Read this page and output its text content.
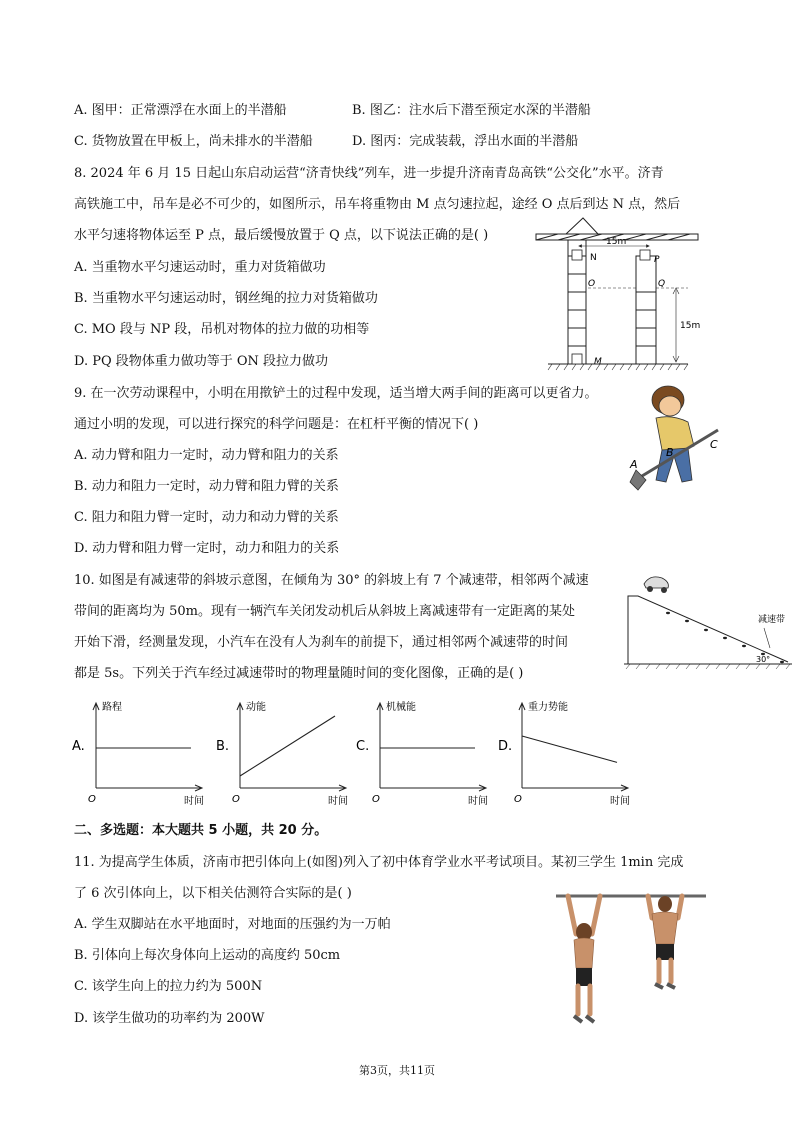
A. 图甲：正常漂浮在水面上的半潜船	B. 图乙：注水后下潜至预定水深的半潜船
C. 货物放置在甲板上，尚未排水的半潜船	D. 图丙：完成装载，浮出水面的半潜船
8. 2024 年 6 月 15 日起山东启动运营“济青快线”列车，进一步提升济南青岛高铁“公交化”水平。济青
高铁施工中，吊车是必不可少的，如图所示，吊车将重物由 M 点匀速拉起，途经 O 点后到达 N 点，然后
水平匀速将物体运至 P 点，最后缓慢放置于 Q 点，以下说法正确的是( )
A. 当重物水平匀速运动时，重力对货箱做功
B. 当重物水平匀速运动时，钢丝绳的拉力对货箱做功
C. MO 段与 NP 段，吊机对物体的拉力做的功相等
D. PQ 段物体重力做功等于 ON 段拉力做功
N	P
O	Q
M
15m
15m
9. 在一次劳动课程中，小明在用揿铲土的过程中发现，适当增大两手间的距离可以更省力。
通过小明的发现，可以进行探究的科学问题是：在杠杆平衡的情况下( )
A. 动力臂和阻力一定时，动力臂和阻力的关系
B. 动力和阻力一定时，动力臂和阻力臂的关系
C. 阻力和阻力臂一定时，动力和动力臂的关系
D. 动力臂和阻力臂一定时，动力和阻力的关系
A
B
C
10. 如图是有减速带的斜坡示意图，在倾角为 30° 的斜坡上有 7 个减速带，相邻两个减速
带间的距离均为 50m。现有一辆汽车关闭发动机后从斜坡上离减速带有一定距离的某处
开始下滑，经测量发现，小汽车在没有人为刹车的前提下，通过相邻两个减速带的时间
都是 5s。下列关于汽车经过减速带时的物理量随时间的变化图像，正确的是( )
减速带
30°
路程
时间
O
A.
动能
时间
O
B.
机械能
时间
O
C.
重力势能
时间
O
D.
二、多选题：本大题共 5 小题，共 20 分。
11. 为提高学生体质，济南市把引体向上(如图)列入了初中体育学业水平考试项目。某初三学生 1min 完成
了 6 次引体向上，以下相关估测符合实际的是( )
A. 学生双脚站在水平地面时，对地面的压强约为一万帕
B. 引体向上每次身体向上运动的高度约 50cm
C. 该学生向上的拉力约为 500N
D. 该学生做功的功率约为 200W
第3页，共11页
